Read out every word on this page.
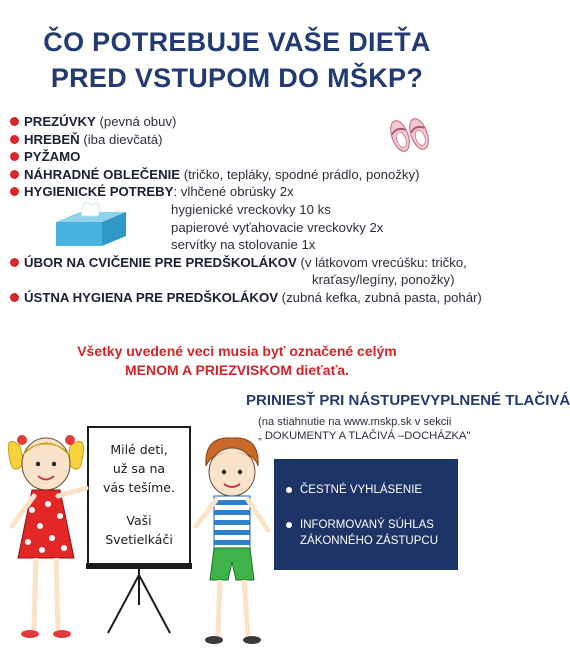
ČO POTREBUJE VAŠE DIEŤA
PRED VSTUPOM DO MŠKP?
PREZÚVKY (pevná obuv)
HREBEŇ (iba dievčatá)
PYŽAMO
NÁHRADNÉ OBLEČENIE (tričko, tepláky, spodné prádlo, ponožky)
HYGIENICKÉ POTREBY: vlhčené obrúsky 2x
hygienické vreckovky 10 ks
papierové vyťahovacie vreckovky 2x
servítky na stolovanie 1x
ÚBOR NA CVIČENIE PRE PREDŠKOLÁKOV (v látkovom vrecúšku: tričko,
kraťasy/legíny, ponožky)
ÚSTNA HYGIENA PRE PREDŠKOLÁKOV (zubná kefka, zubná pasta, pohár)
Všetky uvedené veci musia byť označené celým
MENOM A PRIEZVISKOM dieťaťa.
PRINIESŤ PRI NÁSTUPEVYPLNENÉ TLAČIVÁ
(na stiahnutie na www.mskp.sk v sekcii
„ DOKUMENTY A TLAČIVÁ –DOCHÁZKA"
ČESTNÉ VYHLÁSENIE
INFORMOVANÝ SÚHLAS
ZÁKONNÉHO ZÁSTUPCU
Milé deti,
už sa na
vás tešíme.
Vaši
Svetielkáči
